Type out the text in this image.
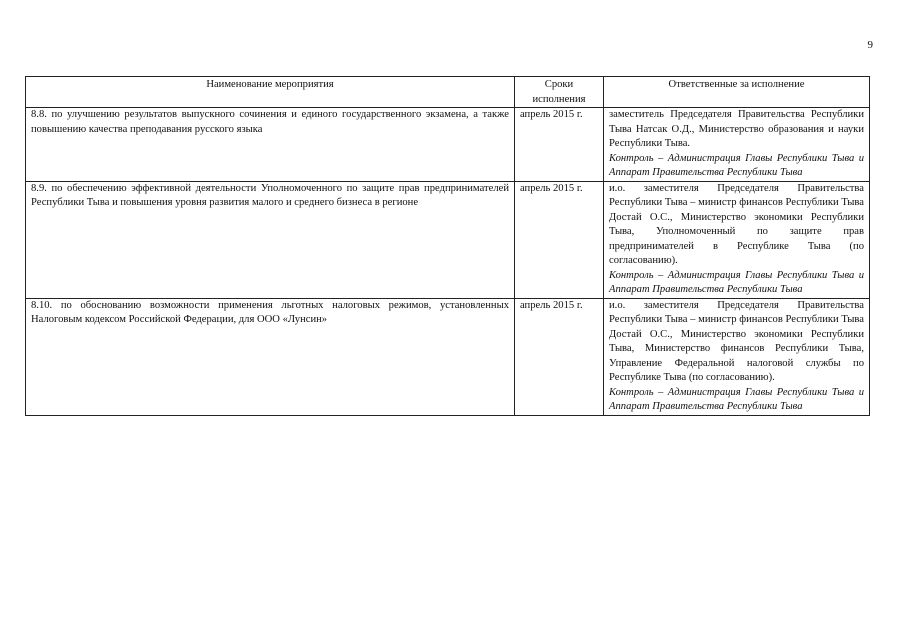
9
Наименование мероприятия	Сроки исполнения	Ответственные за исполнение
8.8. по улучшению результатов выпускного сочинения и единого государственного экзамена, а также повышению качества преподавания русского языка	апрель 2015 г.	заместитель Председателя Правительства Республики Тыва Натсак О.Д., Министерство образования и науки Республики Тыва.
Контроль – Администрация Главы Республики Тыва и Аппарат Правительства Республики Тыва

8.9. по обеспечению эффективной деятельности Уполномоченного по защите прав предпринимателей Республики Тыва и повышения уровня развития малого и среднего бизнеса в регионе	апрель 2015 г.	и.о. заместителя Председателя Правительства Республики Тыва – министр финансов Республики Тыва Достай О.С., Министерство экономики Республики Тыва, Уполномоченный по защите прав предпринимателей в Республике Тыва (по согласованию).
Контроль – Администрация Главы Республики Тыва и Аппарат Правительства Республики Тыва

8.10. по обоснованию возможности применения льготных налоговых режимов, установленных Налоговым кодексом Российской Федерации, для ООО «Лунсин»	апрель 2015 г.	и.о. заместителя Председателя Правительства Республики Тыва – министр финансов Республики Тыва Достай О.С., Министерство экономики Республики Тыва, Министерство финансов Республики Тыва, Управление Федеральной налоговой службы по Республике Тыва (по согласованию).
Контроль – Администрация Главы Республики Тыва и Аппарат Правительства Республики Тыва
